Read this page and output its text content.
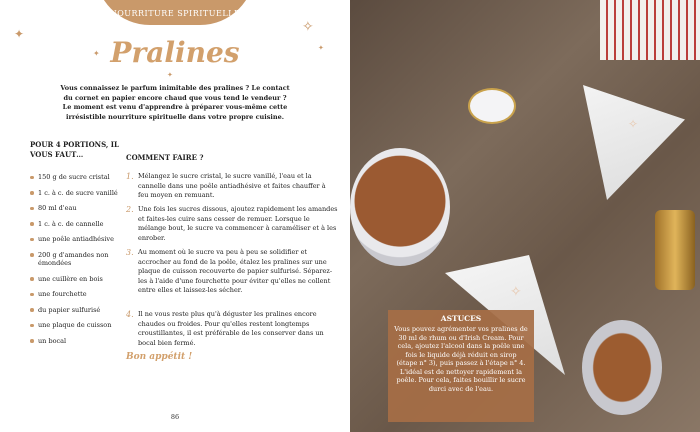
NOURRITURE SPIRITUELLE
✦	✧
✦
✦
✦
Pralines
Vous connaissez le parfum inimitable des pralines ? Le contact du cornet en papier encore chaud que vous tend le vendeur ? Le moment est venu d'apprendre à préparer vous-même cette irrésistible nourriture spirituelle dans votre propre cuisine.
POUR 4 PORTIONS, IL VOUS FAUT…
150 g de sucre cristal
1 c. à c. de sucre vanillé
80 ml d'eau
1 c. à c. de cannelle
une poêle antiadhésive
200 g d'amandes non émondées
une cuillère en bois
une fourchette
du papier sulfurisé
une plaque de cuisson
un bocal
COMMENT FAIRE ?
1. Mélangez le sucre cristal, le sucre vanillé, l'eau et la cannelle dans une poêle antiadhésive et faites chauffer à feu moyen en remuant.
2. Une fois les sucres dissous, ajoutez rapidement les amandes et faites-les cuire sans cesser de remuer. Lorsque le mélange bout, le sucre va commencer à caraméliser et à les enrober.
3. Au moment où le sucre va peu à peu se solidifier et accrocher au fond de la poêle, étalez les pralines sur une plaque de cuisson recouverte de papier sulfurisé. Séparez-les à l'aide d'une fourchette pour éviter qu'elles ne collent entre elles et laissez-les sécher.
4. Il ne vous reste plus qu'à déguster les pralines encore chaudes ou froides. Pour qu'elles restent longtemps croustillantes, il est préférable de les conserver dans un bocal bien fermé.
Bon appétit !
86
✧
✧
ASTUCES
Vous pouvez agrémenter vos pralines de 30 ml de rhum ou d'Irish Cream. Pour cela, ajoutez l'alcool dans la poêle une fois le liquide déjà réduit en sirop (étape n° 3), puis passez à l'étape n° 4. L'idéal est de nettoyer rapidement la poêle. Pour cela, faites bouillir le sucre durci avec de l'eau.
